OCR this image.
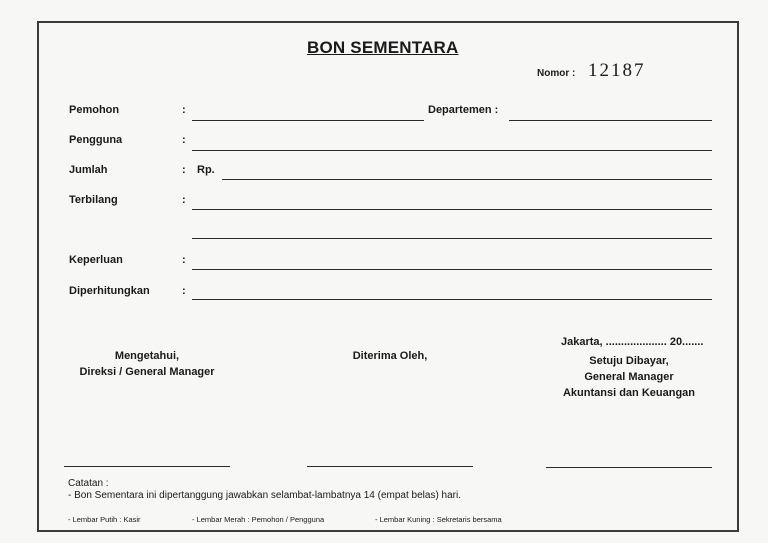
BON SEMENTARA
Nomor : 12187
Pemohon	:	Departemen :
Pengguna	:
Jumlah	: Rp.
Terbilang	:
Keperluan	:
Diperhitungkan	:
Jakarta, .................... 20.......
Mengetahui,
Direksi / General Manager
Diterima Oleh,	Setuju Dibayar,
General Manager
Akuntansi dan Keuangan
Catatan :
- Bon Sementara ini dipertanggung jawabkan selambat-lambatnya 14 (empat belas) hari.
- Lembar Putih : Kasir	- Lembar Merah : Pemohon / Pengguna	- Lembar Kuning : Sekretaris bersama
